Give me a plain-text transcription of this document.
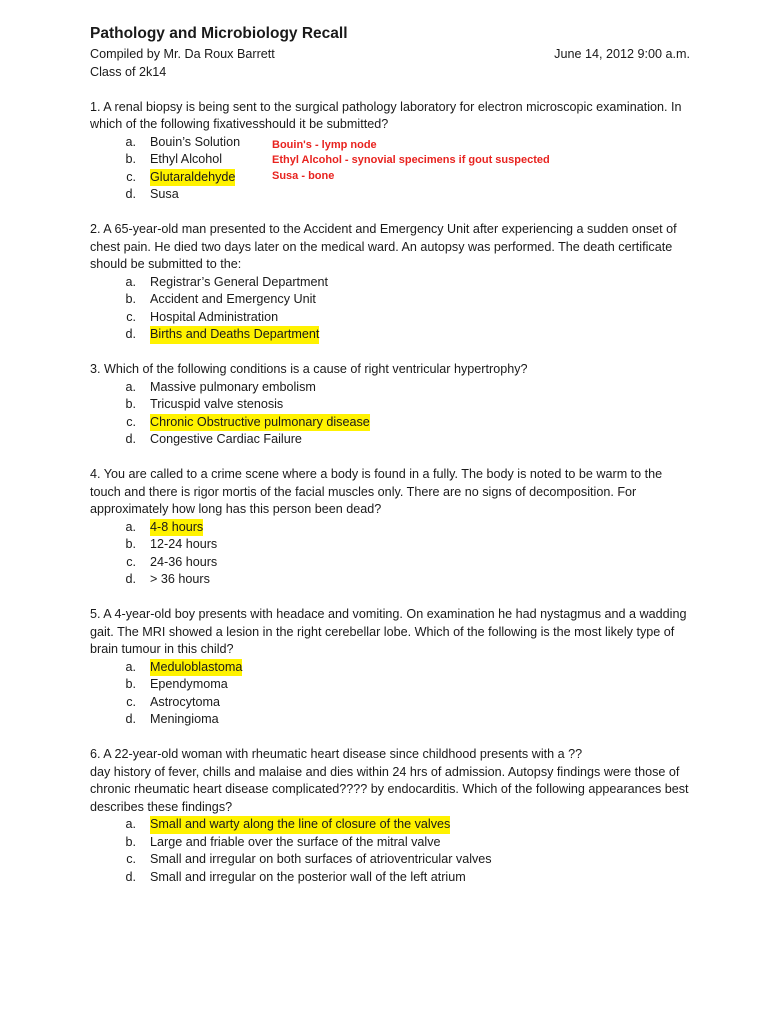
Pathology and Microbiology Recall
Compiled by Mr. Da Roux Barrett	June 14, 2012 9:00 a.m.
Class of 2k14

1. A renal biopsy is being sent to the surgical pathology laboratory for electron microscopic examination. In which of the following fixativesshould it be submitted?

a. Bouin’s Solution
b. Ethyl Alcohol
c. Glutaraldehyde
d. Susa
Bouin's - lymp node
Ethyl Alcohol - synovial specimens if gout suspected
Susa - bone

2. A 65-year-old man presented to the Accident and Emergency Unit after experiencing a sudden onset of chest pain. He died two days later on the medical ward. An autopsy was performed. The death certificate should be submitted to the:

a. Registrar’s General Department
b. Accident and Emergency Unit
c. Hospital Administration
d. Births and Deaths Department

3. Which of the following conditions is a cause of right ventricular hypertrophy?

a. Massive pulmonary embolism
b. Tricuspid valve stenosis
c. Chronic Obstructive pulmonary disease
d. Congestive Cardiac Failure

4. You are called to a crime scene where a body is found in a fully. The body is noted to be warm to the touch and there is rigor mortis of the facial muscles only. There are no signs of decomposition. For approximately how long has this person been dead?

a. 4-8 hours
b. 12-24 hours
c. 24-36 hours
d. > 36 hours

5. A 4-year-old boy presents with headace and vomiting. On examination he had nystagmus and a wadding gait. The MRI showed a lesion in the right cerebellar lobe. Which of the following is the most likely type of brain tumour in this child?

a. Meduloblastoma
b. Ependymoma
c. Astrocytoma
d. Meningioma

6. A 22-year-old woman with rheumatic heart disease since childhood presents with a ??
day history of fever, chills and malaise and dies within 24 hrs of admission. Autopsy findings were those of chronic rheumatic heart disease complicated???? by endocarditis. Which of the following appearances best describes these findings?

a. Small and warty along the line of closure of the valves
b. Large and friable over the surface of the mitral valve
c. Small and irregular on both surfaces of atrioventricular valves
d. Small and irregular on the posterior wall of the left atrium
